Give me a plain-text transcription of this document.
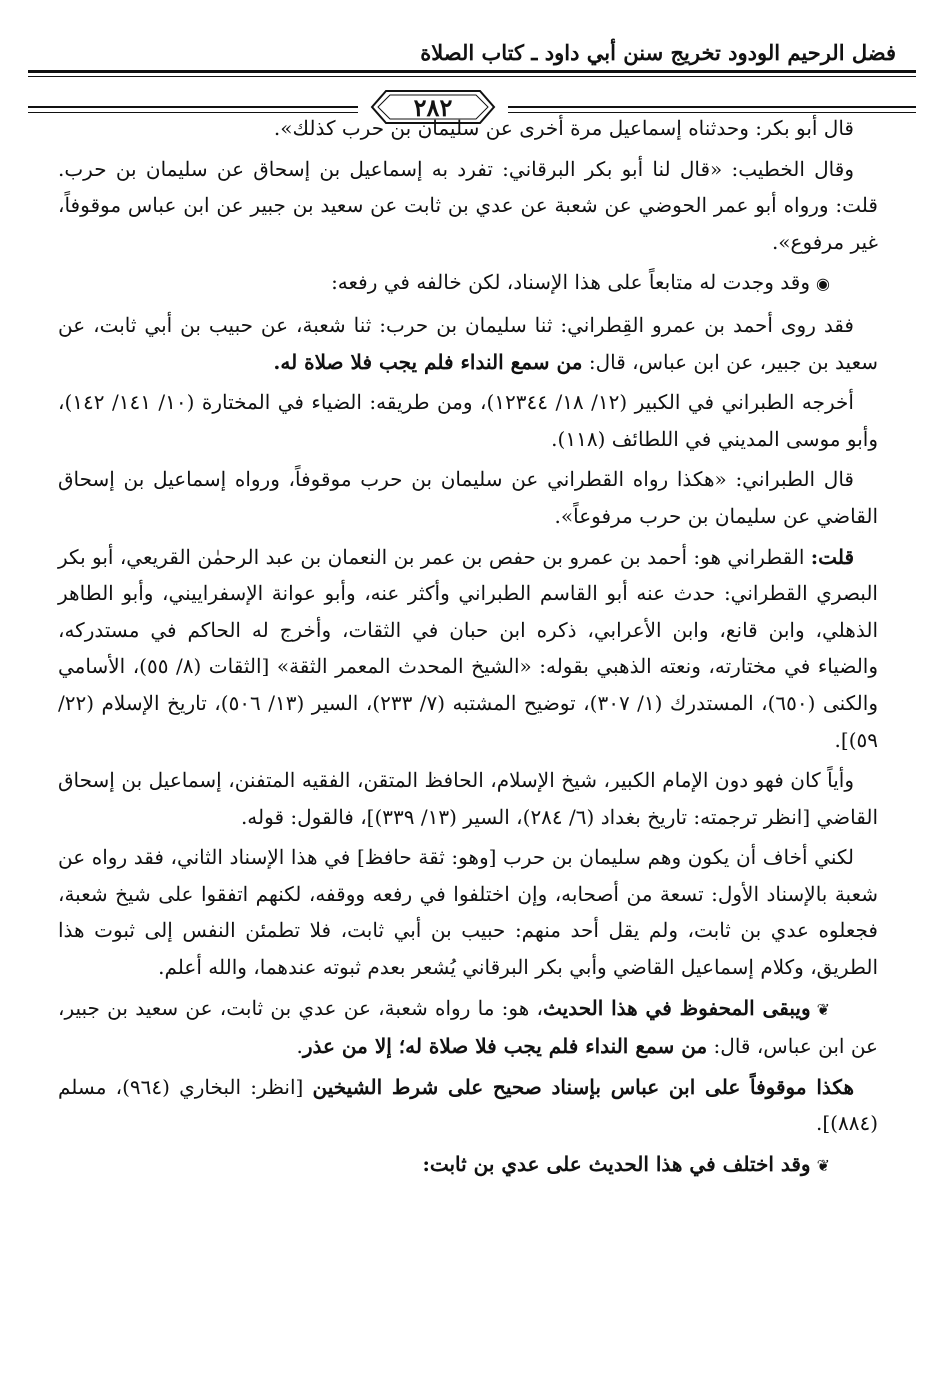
فضل الرحيم الودود تخريج سنن أبي داود ـ كتاب الصلاة
٢٨٢

قال أبو بكر: وحدثناه إسماعيل مرة أخرى عن سليمان بن حرب كذلك».

وقال الخطيب: «قال لنا أبو بكر البرقاني: تفرد به إسماعيل بن إسحاق عن سليمان بن حرب. قلت: ورواه أبو عمر الحوضي عن شعبة عن عدي بن ثابت عن سعيد بن جبير عن ابن عباس موقوفاً، غير مرفوع».

◉وقد وجدت له متابعاً على هذا الإسناد، لكن خالفه في رفعه:

فقد روى أحمد بن عمرو القِطراني: ثنا سليمان بن حرب: ثنا شعبة، عن حبيب بن أبي ثابت، عن سعيد بن جبير، عن ابن عباس، قال: من سمع النداء فلم يجب فلا صلاة له.

أخرجه الطبراني في الكبير (١٢/ ١٨/ ١٢٣٤٤)، ومن طريقه: الضياء في المختارة (١٠/ ١٤١/ ١٤٢)، وأبو موسى المديني في اللطائف (١١٨).

قال الطبراني: «هكذا رواه القطراني عن سليمان بن حرب موقوفاً، ورواه إسماعيل بن إسحاق القاضي عن سليمان بن حرب مرفوعاً».

قلت: القطراني هو: أحمد بن عمرو بن حفص بن عمر بن النعمان بن عبد الرحمٰن القريعي، أبو بكر البصري القطراني: حدث عنه أبو القاسم الطبراني وأكثر عنه، وأبو عوانة الإسفراييني، وأبو الطاهر الذهلي، وابن قانع، وابن الأعرابي، ذكره ابن حبان في الثقات، وأخرج له الحاكم في مستدركه، والضياء في مختارته، ونعته الذهبي بقوله: «الشيخ المحدث المعمر الثقة» [الثقات (٨/ ٥٥)، الأسامي والكنى (٦٥٠)، المستدرك (١/ ٣٠٧)، توضيح المشتبه (٧/ ٢٣٣)، السير (١٣/ ٥٠٦)، تاريخ الإسلام (٢٢/ ٥٩)].

وأياً كان فهو دون الإمام الكبير، شيخ الإسلام، الحافظ المتقن، الفقيه المتفنن، إسماعيل بن إسحاق القاضي [انظر ترجمته: تاريخ بغداد (٦/ ٢٨٤)، السير (١٣/ ٣٣٩)]، فالقول: قوله.

لكني أخاف أن يكون وهم سليمان بن حرب [وهو: ثقة حافظ] في هذا الإسناد الثاني، فقد رواه عن شعبة بالإسناد الأول: تسعة من أصحابه، وإن اختلفوا في رفعه ووقفه، لكنهم اتفقوا على شيخ شعبة، فجعلوه عدي بن ثابت، ولم يقل أحد منهم: حبيب بن أبي ثابت، فلا تطمئن النفس إلى ثبوت هذا الطريق، وكلام إسماعيل القاضي وأبي بكر البرقاني يُشعر بعدم ثبوته عندهما، والله أعلم.

❦ويبقى المحفوظ في هذا الحديث، هو: ما رواه شعبة، عن عدي بن ثابت، عن سعيد بن جبير، عن ابن عباس، قال: من سمع النداء فلم يجب فلا صلاة له؛ إلا من عذر.

هكذا موقوفاً على ابن عباس بإسناد صحيح على شرط الشيخين [انظر: البخاري (٩٦٤)، مسلم (٨٨٤)].

❦وقد اختلف في هذا الحديث على عدي بن ثابت:
